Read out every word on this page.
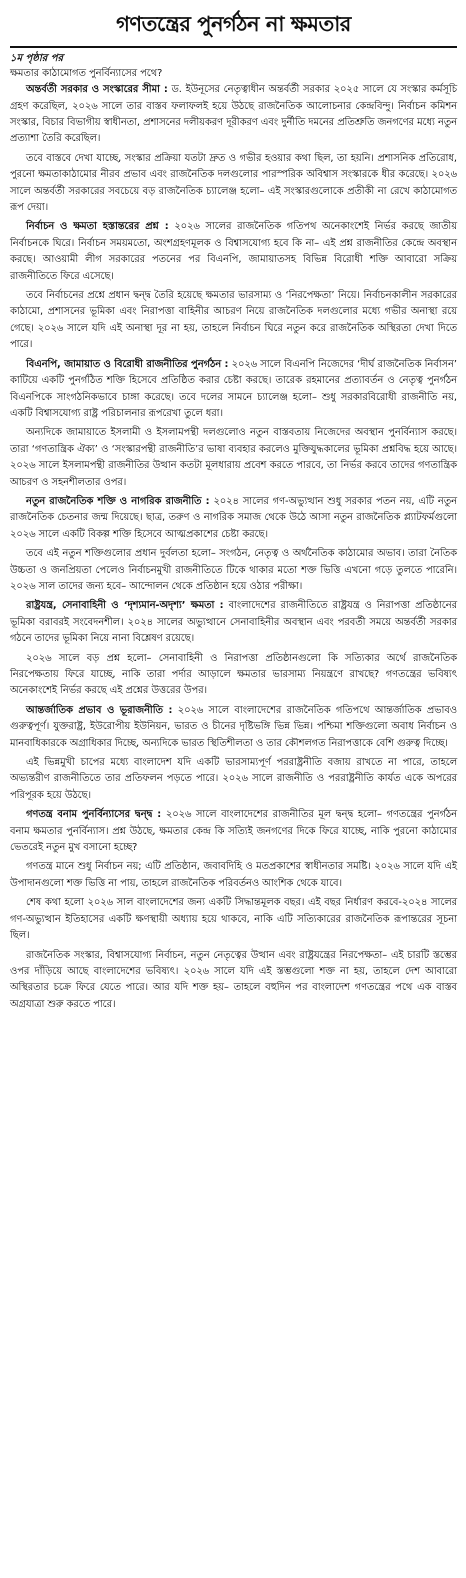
গণতন্ত্রের পুনর্গঠন না ক্ষমতার

১ম পৃষ্ঠার পর

ক্ষমতার কাঠামোগত পুনর্বিন্যাসের পথে?

অন্তর্বর্তী সরকার ও সংস্কারের সীমা : ড. ইউনূসের নেতৃত্বাধীন অন্তর্বর্তী সরকার ২০২৫ সালে যে সংস্কার কর্মসূচি গ্রহণ করেছিল, ২০২৬ সালে তার বাস্তব ফলাফলই হয়ে উঠছে রাজনৈতিক আলোচনার কেন্দ্রবিন্দু। নির্বাচন কমিশন সংস্কার, বিচার বিভাগীয় স্বাধীনতা, প্রশাসনের দলীয়করণ দূরীকরণ এবং দুর্নীতি দমনের প্রতিশ্রুতি জনগণের মধ্যে নতুন প্রত্যাশা তৈরি করেছিল।

তবে বাস্তবে দেখা যাচ্ছে, সংস্কার প্রক্রিয়া যতটা দ্রুত ও গভীর হওয়ার কথা ছিল, তা হয়নি। প্রশাসনিক প্রতিরোধ, পুরনো ক্ষমতাকাঠামোর নীরব প্রভাব এবং রাজনৈতিক দলগুলোর পারস্পরিক অবিশ্বাস সংস্কারকে ধীর করেছে। ২০২৬ সালে অন্তর্বর্তী সরকারের সবচেয়ে বড় রাজনৈতিক চ্যালেঞ্জ হলো– এই সংস্কারগুলোকে প্রতীকী না রেখে কাঠামোগত রূপ দেয়া।

নির্বাচন ও ক্ষমতা হস্তান্তরের প্রশ্ন : ২০২৬ সালের রাজনৈতিক গতিপথ অনেকাংশেই নির্ভর করছে জাতীয় নির্বাচনকে ঘিরে। নির্বাচন সময়মতো, অংশগ্রহণমূলক ও বিশ্বাসযোগ্য হবে কি না– এই প্রশ্ন রাজনীতির কেন্দ্রে অবস্থান করছে। আওয়ামী লীগ সরকারের পতনের পর বিএনপি, জামায়াতসহ বিভিন্ন বিরোধী শক্তি আবারো সক্রিয় রাজনীতিতে ফিরে এসেছে।

তবে নির্বাচনের প্রশ্নে প্রধান দ্বন্দ্ব তৈরি হয়েছে ক্ষমতার ভারসাম্য ও ‘নিরপেক্ষতা’ নিয়ে। নির্বাচনকালীন সরকারের কাঠামো, প্রশাসনের ভূমিকা এবং নিরাপত্তা বাহিনীর আচরণ নিয়ে রাজনৈতিক দলগুলোর মধ্যে গভীর অনাস্থা রয়ে গেছে। ২০২৬ সালে যদি এই অনাস্থা দূর না হয়, তাহলে নির্বাচন ঘিরে নতুন করে রাজনৈতিক অস্থিরতা দেখা দিতে পারে।

বিএনপি, জামায়াত ও বিরোধী রাজনীতির পুনর্গঠন : ২০২৬ সালে বিএনপি নিজেদের ‘দীর্ঘ রাজনৈতিক নির্বাসন’ কাটিয়ে একটি পুনর্গঠিত শক্তি হিসেবে প্রতিষ্ঠিত করার চেষ্টা করছে। তারেক রহমানের প্রত্যাবর্তন ও নেতৃত্ব পুনর্গঠন বিএনপিকে সাংগঠনিকভাবে চাঙ্গা করেছে। তবে দলের সামনে চ্যালেঞ্জ হলো– শুধু সরকারবিরোধী রাজনীতি নয়, একটি বিশ্বাসযোগ্য রাষ্ট্র পরিচালনার রূপরেখা তুলে ধরা।

অন্যদিকে জামায়াতে ইসলামী ও ইসলামপন্থী দলগুলোও নতুন বাস্তবতায় নিজেদের অবস্থান পুনর্বিন্যাস করছে। তারা ‘গণতান্ত্রিক ঐক্য’ ও ‘সংস্কারপন্থী রাজনীতি’র ভাষা ব্যবহার করলেও মুক্তিযুদ্ধকালের ভূমিকা প্রশ্নবিদ্ধ হয়ে আছে। ২০২৬ সালে ইসলামপন্থী রাজনীতির উত্থান কতটা মূলধারায় প্রবেশ করতে পারবে, তা নির্ভর করবে তাদের গণতান্ত্রিক আচরণ ও সহনশীলতার ওপর।

নতুন রাজনৈতিক শক্তি ও নাগরিক রাজনীতি : ২০২৪ সালের গণ-অভ্যুত্থান শুধু সরকার পতন নয়, এটি নতুন রাজনৈতিক চেতনার জন্ম দিয়েছে। ছাত্র, তরুণ ও নাগরিক সমাজ থেকে উঠে আসা নতুন রাজনৈতিক প্ল্যাটফর্মগুলো ২০২৬ সালে একটি বিকল্প শক্তি হিসেবে আত্মপ্রকাশের চেষ্টা করছে।

তবে এই নতুন শক্তিগুলোর প্রধান দুর্বলতা হলো– সংগঠন, নেতৃত্ব ও অর্থনৈতিক কাঠামোর অভাব। তারা নৈতিক উচ্চতা ও জনপ্রিয়তা পেলেও নির্বাচনমুখী রাজনীতিতে টিকে থাকার মতো শক্ত ভিত্তি এখনো গড়ে তুলতে পারেনি। ২০২৬ সাল তাদের জন্য হবে– আন্দোলন থেকে প্রতিষ্ঠান হয়ে ওঠার পরীক্ষা।

রাষ্ট্রযন্ত্র, সেনাবাহিনী ও ‘দৃশ্যমান-অদৃশ্য’ ক্ষমতা : বাংলাদেশের রাজনীতিতে রাষ্ট্রযন্ত্র ও নিরাপত্তা প্রতিষ্ঠানের ভূমিকা বরাবরই সংবেদনশীল। ২০২৪ সালের অভ্যুত্থানে সেনাবাহিনীর অবস্থান এবং পরবর্তী সময়ে অন্তর্বর্তী সরকার গঠনে তাদের ভূমিকা নিয়ে নানা বিশ্লেষণ রয়েছে।

২০২৬ সালে বড় প্রশ্ন হলো– সেনাবাহিনী ও নিরাপত্তা প্রতিষ্ঠানগুলো কি সত্যিকার অর্থে রাজনৈতিক নিরপেক্ষতায় ফিরে যাচ্ছে, নাকি তারা পর্দার আড়ালে ক্ষমতার ভারসাম্য নিয়ন্ত্রণে রাখছে? গণতন্ত্রের ভবিষ্যৎ অনেকাংশেই নির্ভর করছে এই প্রশ্নের উত্তরের উপর।

আন্তর্জাতিক প্রভাব ও ভূরাজনীতি : ২০২৬ সালে বাংলাদেশের রাজনৈতিক গতিপথে আন্তর্জাতিক প্রভাবও গুরুত্বপূর্ণ। যুক্তরাষ্ট্র, ইউরোপীয় ইউনিয়ন, ভারত ও চীনের দৃষ্টিভঙ্গি ভিন্ন ভিন্ন। পশ্চিমা শক্তিগুলো অবাধ নির্বাচন ও মানবাধিকারকে অগ্রাধিকার দিচ্ছে, অন্যদিকে ভারত স্থিতিশীলতা ও তার কৌশলগত নিরাপত্তাকে বেশি গুরুত্ব দিচ্ছে।

এই ভিন্নমুখী চাপের মধ্যে বাংলাদেশ যদি একটি ভারসাম্যপূর্ণ পররাষ্ট্রনীতি বজায় রাখতে না পারে, তাহলে অভ্যন্তরীণ রাজনীতিতে তার প্রতিফলন পড়তে পারে। ২০২৬ সালে রাজনীতি ও পররাষ্ট্রনীতি কার্যত একে অপরের পরিপূরক হয়ে উঠছে।

গণতন্ত্র বনাম পুনর্বিন্যাসের দ্বন্দ্ব : ২০২৬ সালে বাংলাদেশের রাজনীতির মূল দ্বন্দ্ব হলো– গণতন্ত্রের পুনর্গঠন বনাম ক্ষমতার পুনর্বিন্যাস। প্রশ্ন উঠছে, ক্ষমতার কেন্দ্র কি সত্যিই জনগণের দিকে ফিরে যাচ্ছে, নাকি পুরনো কাঠামোর ভেতরেই নতুন মুখ বসানো হচ্ছে?

গণতন্ত্র মানে শুধু নির্বাচন নয়; এটি প্রতিষ্ঠান, জবাবদিহি ও মতপ্রকাশের স্বাধীনতার সমষ্টি। ২০২৬ সালে যদি এই উপাদানগুলো শক্ত ভিত্তি না পায়, তাহলে রাজনৈতিক পরিবর্তনও আংশিক থেকে যাবে।

শেষ কথা হলো ২০২৬ সাল বাংলাদেশের জন্য একটি সিদ্ধান্তমূলক বছর। এই বছর নির্ধারণ করবে-২০২৪ সালের গণ-অভ্যুত্থান ইতিহাসের একটি ক্ষণস্থায়ী অধ্যায় হয়ে থাকবে, নাকি এটি সত্যিকারের রাজনৈতিক রূপান্তরের সূচনা ছিল।

রাজনৈতিক সংস্কার, বিশ্বাসযোগ্য নির্বাচন, নতুন নেতৃত্বের উত্থান এবং রাষ্ট্রযন্ত্রের নিরপেক্ষতা– এই চারটি স্তম্ভের ওপর দাঁড়িয়ে আছে বাংলাদেশের ভবিষ্যৎ। ২০২৬ সালে যদি এই স্তম্ভগুলো শক্ত না হয়, তাহলে দেশ আবারো অস্থিরতার চক্রে ফিরে যেতে পারে। আর যদি শক্ত হয়– তাহলে বহুদিন পর বাংলাদেশ গণতন্ত্রের পথে এক বাস্তব অগ্রযাত্রা শুরু করতে পারে।
